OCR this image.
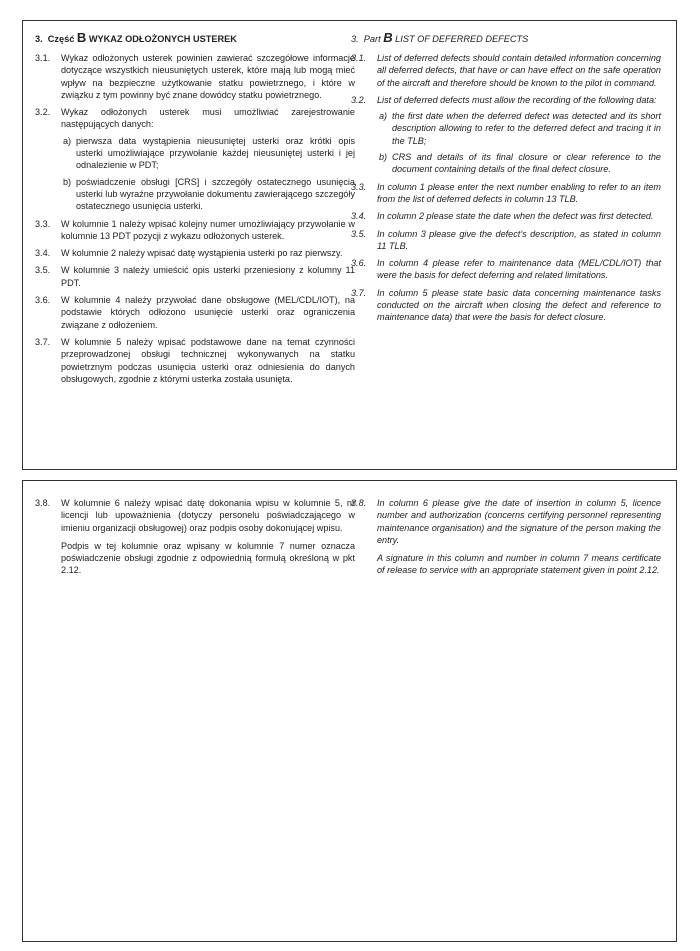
3. Część B WYKAZ ODŁOŻONYCH USTEREK
3.1. Wykaz odłożonych usterek powinien zawierać szczegółowe informacje dotyczące wszystkich nieusuniętych usterek, które mają lub mogą mieć wpływ na bezpieczne użytkowanie statku powietrznego, i które w związku z tym powinny być znane dowódcy statku powietrznego.
3.2. Wykaz odłożonych usterek musi umożliwiać zarejestrowanie następujących danych:
a) pierwsza data wystąpienia nieusuniętej usterki oraz krótki opis usterki umożliwiające przywołanie każdej nieusuniętej usterki i jej odnalezienie w PDT;
b) poświadczenie obsługi [CRS] i szczegóły ostatecznego usunięcia usterki lub wyraźne przywołanie dokumentu zawierającego szczegóły ostatecznego usunięcia usterki.
3.3. W kolumnie 1 należy wpisać kolejny numer umożliwiający przywołanie w kolumnie 13 PDT pozycji z wykazu odłożonych usterek.
3.4. W kolumnie 2 należy wpisać datę wystąpienia usterki po raz pierwszy.
3.5. W kolumnie 3 należy umieścić opis usterki przeniesiony z kolumny 11 PDT.
3.6. W kolumnie 4 należy przywołać dane obsługowe (MEL/CDL/IOT), na podstawie których odłożono usunięcie usterki oraz ograniczenia związane z odłożeniem.
3.7. W kolumnie 5 należy wpisać podstawowe dane na temat czynności przeprowadzonej obsługi technicznej wykonywanych na statku powietrznym podczas usunięcia usterki oraz odniesienia do danych obsługowych, zgodnie z którymi usterka została usunięta.
3. Part B LIST OF DEFERRED DEFECTS
3.1. List of deferred defects should contain detailed information concerning all deferred defects, that have or can have effect on the safe operation of the aircraft and therefore should be known to the pilot in command.
3.2. List of deferred defects must allow the recording of the following data:
a) the first date when the deferred defect was detected and its short description allowing to refer to the deferred defect and tracing it in the TLB;
b) CRS and details of its final closure or clear reference to the document containing details of the final defect closure.
3.3. In column 1 please enter the next number enabling to refer to an item from the list of deferred defects in column 13 TLB.
3.4. In column 2 please state the date when the defect was first detected.
3.5. In column 3 please give the defect’s description, as stated in column 11 TLB.
3.6. In column 4 please refer to maintenance data (MEL/CDL/IOT) that were the basis for defect deferring and related limitations.
3.7. In column 5 please state basic data concerning maintenance tasks conducted on the aircraft when closing the defect and reference to maintenance data) that were the basis for defect closure.
3.8. W kolumnie 6 należy wpisać datę dokonania wpisu w kolumnie 5, nr licencji lub upoważnienia (dotyczy personelu poświadczającego w imieniu organizacji obsługowej) oraz podpis osoby dokonującej wpisu.
Podpis w tej kolumnie oraz wpisany w kolumnie 7 numer oznacza poświadczenie obsługi zgodnie z odpowiednią formułą określoną w pkt 2.12.
3.8. In column 6 please give the date of insertion in column 5, licence number and authorization (concerns certifying personnel representing maintenance organisation) and the signature of the person making the entry.
A signature in this column and number in column 7 means certificate of release to service with an appropriate statement given in point 2.12.
